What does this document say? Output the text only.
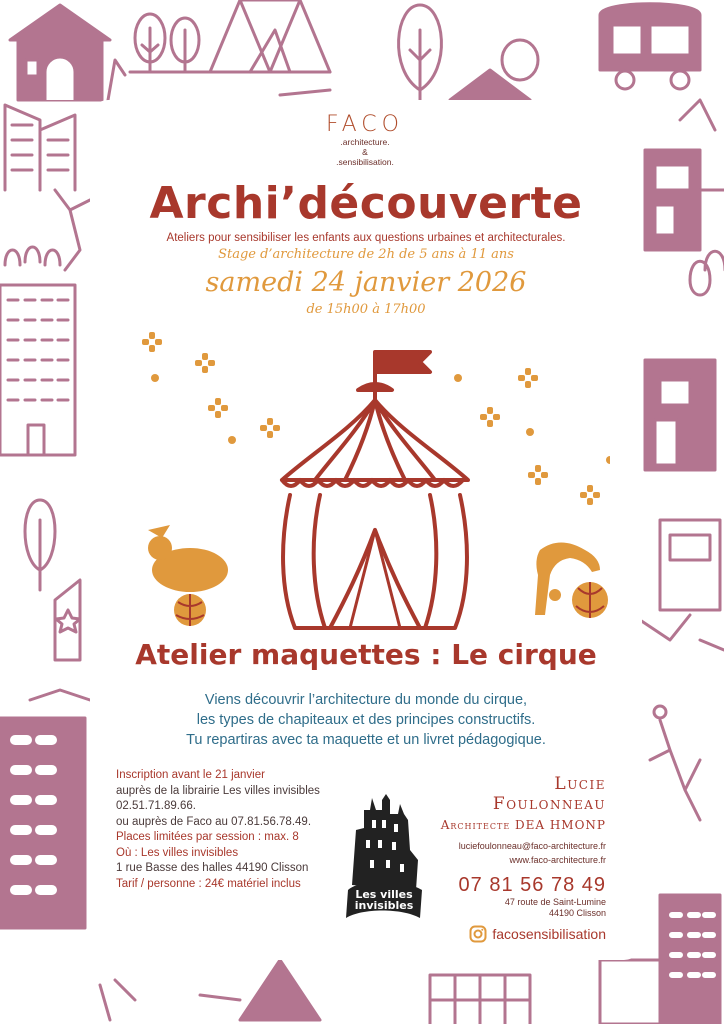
FACO
.architecture.
&
.sensibilisation.
Archi’découverte
Ateliers pour sensibiliser les enfants aux questions urbaines et architecturales.
Stage d’architecture de 2h de 5 ans à 11 ans
samedi 24 janvier 2026
de 15h00 à 17h00
Atelier maquettes : Le cirque
Viens découvrir l’architecture du monde du cirque,
les types de chapiteaux et des principes constructifs.
Tu repartiras avec ta maquette et un livret pédagogique.
Inscription avant le 21 janvier
auprès de la librairie Les villes invisibles
02.51.71.89.66.
ou auprès de Faco au 07.81.56.78.49.
Places limitées par session : max. 8
Où : Les villes invisibles
1 rue Basse des halles 44190 Clisson
Tarif / personne : 24€ matériel inclus
Les villes
invisibles
LIBRAIRIE CAFÉ
Lucie Foulonneau
Architecte DEA HMONP
luciefoulonneau@faco-architecture.fr
www.faco-architecture.fr
07 81 56 78 49
47 route de Saint-Lumine
44190 Clisson
facosensibilisation
